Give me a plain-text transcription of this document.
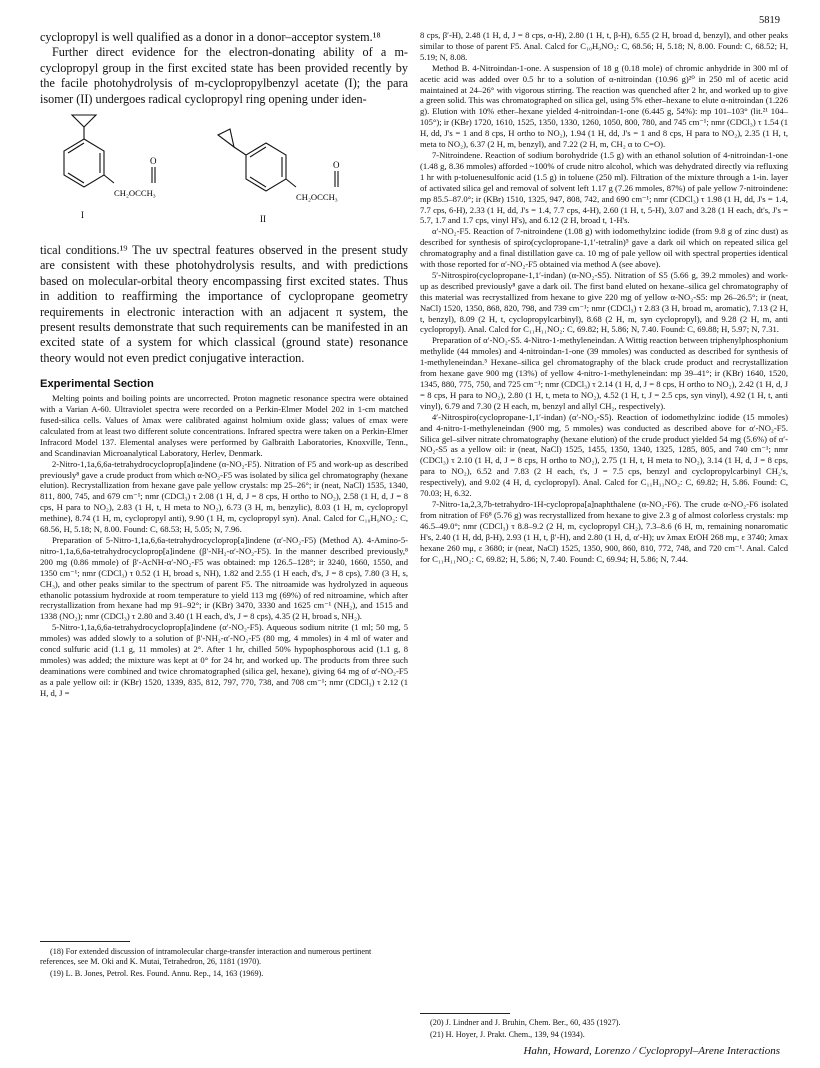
5819

cyclopropyl is well qualified as a donor in a donor–acceptor system.¹⁸

Further direct evidence for the electron-donating ability of a m-cyclopropyl group in the first excited state has been provided recently by the facile photohydrolysis of m-cyclopropylbenzyl acetate (I); the para isomer (II) undergoes radical cyclopropyl ring opening under iden-

O
CH₂OCCH₃
I
O
CH₂OCCH₃
II

tical conditions.¹⁹ The uv spectral features observed in the present study are consistent with these photohydrolysis results, and with predictions based on molecular-orbital theory encompassing first excited states. Thus in addition to reaffirming the importance of cyclopropane geometry requirements in electronic interaction with an adjacent π system, the present results demonstrate that such requirements can be manifested in an excited state of a system for which classical (ground state) resonance theory would not even predict conjugative interaction.

Experimental Section

Melting points and boiling points are uncorrected. Proton magnetic resonance spectra were obtained with a Varian A-60. Ultraviolet spectra were recorded on a Perkin-Elmer Model 202 in 1-cm matched fused-silica cells. Values of λmax were calibrated against holmium oxide glass; values of εmax were calculated from at least two different solute concentrations. Infrared spectra were taken on a Perkin-Elmer Infracord Model 137. Elemental analyses were performed by Galbraith Laboratories, Knoxville, Tenn., and Scandinavian Microanalytical Laboratory, Herlev, Denmark.

2-Nitro-1,1a,6,6a-tetrahydrocycloprop[a]indene (α-NO₂-F5). Nitration of F5 and work-up as described previously⁸ gave a crude product from which α-NO₂-F5 was isolated by silica gel chromatography (hexane elution). Recrystallization from hexane gave pale yellow crystals: mp 25–26°; ir (neat, NaCl) 1535, 1340, 811, 800, 745, and 679 cm⁻¹; nmr (CDCl₃) τ 2.08 (1 H, d, J = 8 cps, H ortho to NO₂), 2.58 (1 H, d, J = 8 cps, H para to NO₂), 2.83 (1 H, t, H meta to NO₂), 6.73 (3 H, m, benzylic), 8.03 (1 H, m, cyclopropyl methine), 8.74 (1 H, m, cyclopropyl anti), 9.90 (1 H, m, cyclopropyl syn). Anal. Calcd for C₁₀H₉NO₂: C, 68.56, H, 5.18; N, 8.00. Found: C, 68.53; H, 5.05; N, 7.96.

Preparation of 5-Nitro-1,1a,6,6a-tetrahydrocycloprop[a]indene (α′-NO₂-F5) (Method A). 4-Amino-5-nitro-1,1a,6,6a-tetrahydrocycloprop[a]indene (β′-NH₂-α′-NO₂-F5). In the manner described previously,⁸ 200 mg (0.86 mmole) of β′-AcNH-α′-NO₂-F5 was obtained: mp 126.5–128°; ir 3240, 1660, 1550, and 1350 cm⁻¹; nmr (CDCl₃) τ 0.52 (1 H, broad s, NH), 1.82 and 2.55 (1 H each, d's, J = 8 cps), 7.80 (3 H, s, CH₃), and other peaks similar to the spectrum of parent F5. The nitroamide was hydrolyzed in aqueous ethanolic potassium hydroxide at room temperature to yield 113 mg (69%) of red nitroamine, which after recrystallization from hexane had mp 91–92°; ir (KBr) 3470, 3330 and 1625 cm⁻¹ (NH₂), and 1515 and 1338 (NO₂); nmr (CDCl₃) τ 2.80 and 3.40 (1 H each, d's, J = 8 cps), 4.35 (2 H, broad s, NH₂).

5-Nitro-1,1a,6,6a-tetrahydrocycloprop[a]indene (α′-NO₂-F5). Aqueous sodium nitrite (1 ml; 50 mg, 5 mmoles) was added slowly to a solution of β′-NH₂-α′-NO₂-F5 (80 mg, 4 mmoles) in 4 ml of water and concd sulfuric acid (1.1 g, 11 mmoles) at 2°. After 1 hr, chilled 50% hypophosphorous acid (1.1 g, 8 mmoles) was added; the mixture was kept at 0° for 24 hr, and worked up. The products from three such deaminations were combined and twice chromatographed (silica gel, hexane), giving 64 mg of α′-NO₂-F5 as a pale yellow oil: ir (KBr) 1520, 1339, 835, 812, 797, 770, 738, and 708 cm⁻¹; nmr (CDCl₃) τ 2.12 (1 H, d, J =

8 cps, β′-H), 2.48 (1 H, d, J = 8 cps, α-H), 2.80 (1 H, t, β-H), 6.55 (2 H, broad d, benzyl), and other peaks similar to those of parent F5. Anal. Calcd for C₁₀H₉NO₂: C, 68.56; H, 5.18; N, 8.00. Found: C, 68.52; H, 5.19; N, 8.08.

Method B. 4-Nitroindan-1-one. A suspension of 18 g (0.18 mole) of chromic anhydride in 300 ml of acetic acid was added over 0.5 hr to a solution of α-nitroindan (10.96 g)²⁰ in 250 ml of acetic acid maintained at 24–26° with vigorous stirring. The reaction was quenched after 2 hr, and worked up to give a green solid. This was chromatographed on silica gel, using 5% ether–hexane to elute α-nitroindan (1.226 g). Elution with 10% ether–hexane yielded 4-nitroindan-1-one (6.445 g, 54%): mp 101–103° (lit.²¹ 104–105°); ir (KBr) 1720, 1610, 1525, 1350, 1330, 1260, 1050, 800, 780, and 745 cm⁻¹; nmr (CDCl₃) τ 1.54 (1 H, dd, J's = 1 and 8 cps, H ortho to NO₂), 1.94 (1 H, dd, J's = 1 and 8 cps, H para to NO₂), 2.35 (1 H, t, meta to NO₂), 6.37 (2 H, m, benzyl), and 7.22 (2 H, m, CH₂ α to C=O).

7-Nitroindene. Reaction of sodium borohydride (1.5 g) with an ethanol solution of 4-nitroindan-1-one (1.48 g, 8.36 mmoles) afforded ~100% of crude nitro alcohol, which was dehydrated directly via refluxing 1 hr with p-toluenesulfonic acid (1.5 g) in toluene (250 ml). Filtration of the mixture through a 1-in. layer of activated silica gel and removal of solvent left 1.17 g (7.26 mmoles, 87%) of pale yellow 7-nitroindene: mp 85.5–87.0°; ir (KBr) 1510, 1325, 947, 808, 742, and 690 cm⁻¹; nmr (CDCl₃) τ 1.98 (1 H, dd, J's = 1.4, 7.7 cps, 6-H), 2.33 (1 H, dd, J's = 1.4, 7.7 cps, 4-H), 2.60 (1 H, t, 5-H), 3.07 and 3.28 (1 H each, dt's, J's = 5.7, 1.7 and 1.7 cps, vinyl H's), and 6.12 (2 H, broad t, 1-H's.

α′-NO₂-F5. Reaction of 7-nitroindene (1.08 g) with iodomethylzinc iodide (from 9.8 g of zinc dust) as described for synthesis of spiro(cyclopropane-1,1′-tetralin)⁵ gave a dark oil which on repeated silica gel chromatography and a final distillation gave ca. 10 mg of pale yellow oil with spectral properties identical with those reported for α′-NO₂-F5 obtained via method A (see above).

5′-Nitrospiro(cyclopropane-1,1′-indan) (α-NO₂-S5). Nitration of S5 (5.66 g, 39.2 mmoles) and work-up as described previously⁸ gave a dark oil. The first band eluted on hexane–silica gel chromatography of this material was recrystallized from hexane to give 220 mg of yellow α-NO₂-S5: mp 26–26.5°; ir (neat, NaCl) 1520, 1350, 868, 820, 798, and 739 cm⁻¹; nmr (CDCl₃) τ 2.83 (3 H, broad m, aromatic), 7.13 (2 H, t, benzyl), 8.09 (2 H, t, cyclopropylcarbinyl), 8.68 (2 H, m, syn cyclopropyl), and 9.28 (2 H, m, anti cyclopropyl). Anal. Calcd for C₁₁H₁₁NO₂: C, 69.82; H, 5.86; N, 7.40. Found: C, 69.88; H, 5.97; N, 7.31.

Preparation of α′-NO₂-S5. 4-Nitro-1-methyleneindan. A Wittig reaction between triphenylphosphonium methylide (44 mmoles) and 4-nitroindan-1-one (39 mmoles) was conducted as described for synthesis of 1-methyleneindan.⁵ Hexane–silica gel chromatography of the black crude product and recrystallization from hexane gave 900 mg (13%) of yellow 4-nitro-1-methyleneindan: mp 39–41°; ir (KBr) 1640, 1520, 1345, 880, 775, 750, and 725 cm⁻¹; nmr (CDCl₃) τ 2.14 (1 H, d, J = 8 cps, H ortho to NO₂), 2.42 (1 H, d, J = 8 cps, H para to NO₂), 2.80 (1 H, t, meta to NO₂), 4.52 (1 H, t, J = 2.5 cps, syn vinyl), 4.92 (1 H, t, anti vinyl), 6.79 and 7.30 (2 H each, m, benzyl and allyl CH₂, respectively).

4′-Nitrospiro(cyclopropane-1,1′-indan) (α′-NO₂-S5). Reaction of iodomethylzinc iodide (15 mmoles) and 4-nitro-1-methyleneindan (900 mg, 5 mmoles) was conducted as described above for α′-NO₂-F5. Silica gel–silver nitrate chromatography (hexane elution) of the crude product yielded 54 mg (5.6%) of α′-NO₂-S5 as a yellow oil: ir (neat, NaCl) 1525, 1455, 1350, 1340, 1325, 1285, 805, and 740 cm⁻¹; nmr (CDCl₃) τ 2.10 (1 H, d, J = 8 cps, H ortho to NO₂), 2.75 (1 H, t, H meta to NO₂), 3.14 (1 H, d, J = 8 cps, para to NO₂), 6.52 and 7.83 (2 H each, t's, J = 7.5 cps, benzyl and cyclopropylcarbinyl CH₂'s, respectively), and 9.02 (4 H, d, cyclopropyl). Anal. Calcd for C₁₁H₁₁NO₂: C, 69.82; H, 5.86. Found: C, 70.03; H, 6.32.

7-Nitro-1a,2,3,7b-tetrahydro-1H-cyclopropa[a]naphthalene (α-NO₂-F6). The crude α-NO₂-F6 isolated from nitration of F6⁸ (5.76 g) was recrystallized from hexane to give 2.3 g of almost colorless crystals: mp 46.5–49.0°; nmr (CDCl₃) τ 8.8–9.2 (2 H, m, cyclopropyl CH₂), 7.3–8.6 (6 H, m, remaining nonaromatic H's, 2.40 (1 H, dd, β-H), 2.93 (1 H, t, β′-H), and 2.80 (1 H, d, α′-H); uv λmax EtOH 268 mμ, ε 3740; λmax hexane 260 mμ, ε 3680; ir (neat, NaCl) 1525, 1350, 900, 860, 810, 772, 748, and 720 cm⁻¹. Anal. Calcd for C₁₁H₁₁NO₂: C, 69.82; H, 5.86; N, 7.40. Found: C, 69.94; H, 5.86; N, 7.44.

(18) For extended discussion of intramolecular charge-transfer interaction and numerous pertinent references, see M. Oki and K. Mutai, Tetrahedron, 26, 1181 (1970).

(19) L. B. Jones, Petrol. Res. Found. Annu. Rep., 14, 163 (1969).

(20) J. Lindner and J. Bruhin, Chem. Ber., 60, 435 (1927).

(21) H. Hoyer, J. Prakt. Chem., 139, 94 (1934).

Hahn, Howard, Lorenzo / Cyclopropyl–Arene Interactions
